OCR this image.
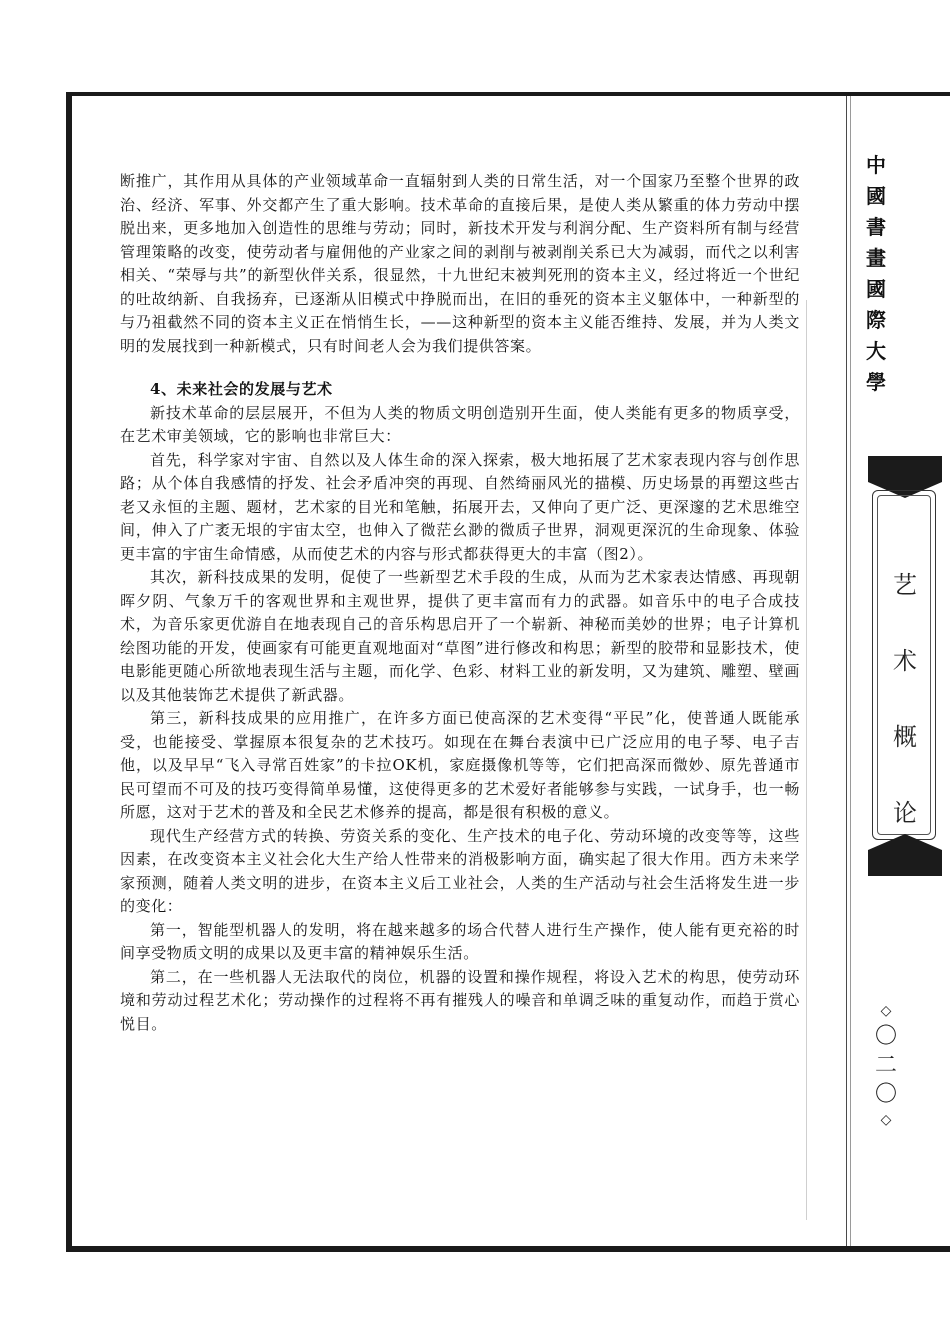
断推广，其作用从具体的产业领域革命一直辐射到人类的日常生活，对一个国家乃至整个世界的政治、经济、军事、外交都产生了重大影响。技术革命的直接后果，是使人类从繁重的体力劳动中摆脱出来，更多地加入创造性的思维与劳动；同时，新技术开发与利润分配、生产资料所有制与经营管理策略的改变，使劳动者与雇佣他的产业家之间的剥削与被剥削关系已大为减弱，而代之以利害相关、“荣辱与共”的新型伙伴关系，很显然，十九世纪末被判死刑的资本主义，经过将近一个世纪的吐故纳新、自我扬弃，已逐渐从旧模式中挣脱而出，在旧的垂死的资本主义躯体中，一种新型的与乃祖截然不同的资本主义正在悄悄生长，——这种新型的资本主义能否维持、发展，并为人类文明的发展找到一种新模式，只有时间老人会为我们提供答案。

4、未来社会的发展与艺术

新技术革命的层层展开，不但为人类的物质文明创造别开生面，使人类能有更多的物质享受，在艺术审美领域，它的影响也非常巨大：

首先，科学家对宇宙、自然以及人体生命的深入探索，极大地拓展了艺术家表现内容与创作思路；从个体自我感情的抒发、社会矛盾冲突的再现、自然绮丽风光的描模、历史场景的再塑这些古老又永恒的主题、题材，艺术家的目光和笔触，拓展开去，又伸向了更广泛、更深邃的艺术思维空间，伸入了广袤无垠的宇宙太空，也伸入了微茫幺渺的微质子世界，洞观更深沉的生命现象、体验更丰富的宇宙生命情感，从而使艺术的内容与形式都获得更大的丰富（图2）。

其次，新科技成果的发明，促使了一些新型艺术手段的生成，从而为艺术家表达情感、再现朝晖夕阴、气象万千的客观世界和主观世界，提供了更丰富而有力的武器。如音乐中的电子合成技术，为音乐家更优游自在地表现自己的音乐构思启开了一个崭新、神秘而美妙的世界；电子计算机绘图功能的开发，使画家有可能更直观地面对“草图”进行修改和构思；新型的胶带和显影技术，使电影能更随心所欲地表现生活与主题，而化学、色彩、材料工业的新发明，又为建筑、雕塑、壁画以及其他装饰艺术提供了新武器。

第三，新科技成果的应用推广，在许多方面已使高深的艺术变得“平民”化，使普通人既能承受，也能接受、掌握原本很复杂的艺术技巧。如现在在舞台表演中已广泛应用的电子琴、电子吉他，以及早早“飞入寻常百姓家”的卡拉OK机，家庭摄像机等等，它们把高深而微妙、原先普通市民可望而不可及的技巧变得简单易懂，这使得更多的艺术爱好者能够参与实践，一试身手，也一畅所愿，这对于艺术的普及和全民艺术修养的提高，都是很有积极的意义。

现代生产经营方式的转换、劳资关系的变化、生产技术的电子化、劳动环境的改变等等，这些因素，在改变资本主义社会化大生产给人性带来的消极影响方面，确实起了很大作用。西方未来学家预测，随着人类文明的进步，在资本主义后工业社会，人类的生产活动与社会生活将发生进一步的变化：

第一，智能型机器人的发明，将在越来越多的场合代替人进行生产操作，使人能有更充裕的时间享受物质文明的成果以及更丰富的精神娱乐生活。

第二，在一些机器人无法取代的岗位，机器的设置和操作规程，将设入艺术的构思，使劳动环境和劳动过程艺术化；劳动操作的过程将不再有摧残人的噪音和单调乏味的重复动作，而趋于赏心悦目。

中
國
書
畫
國
際
大
學
艺
术
概
论
◇
〇
二
〇
◇
